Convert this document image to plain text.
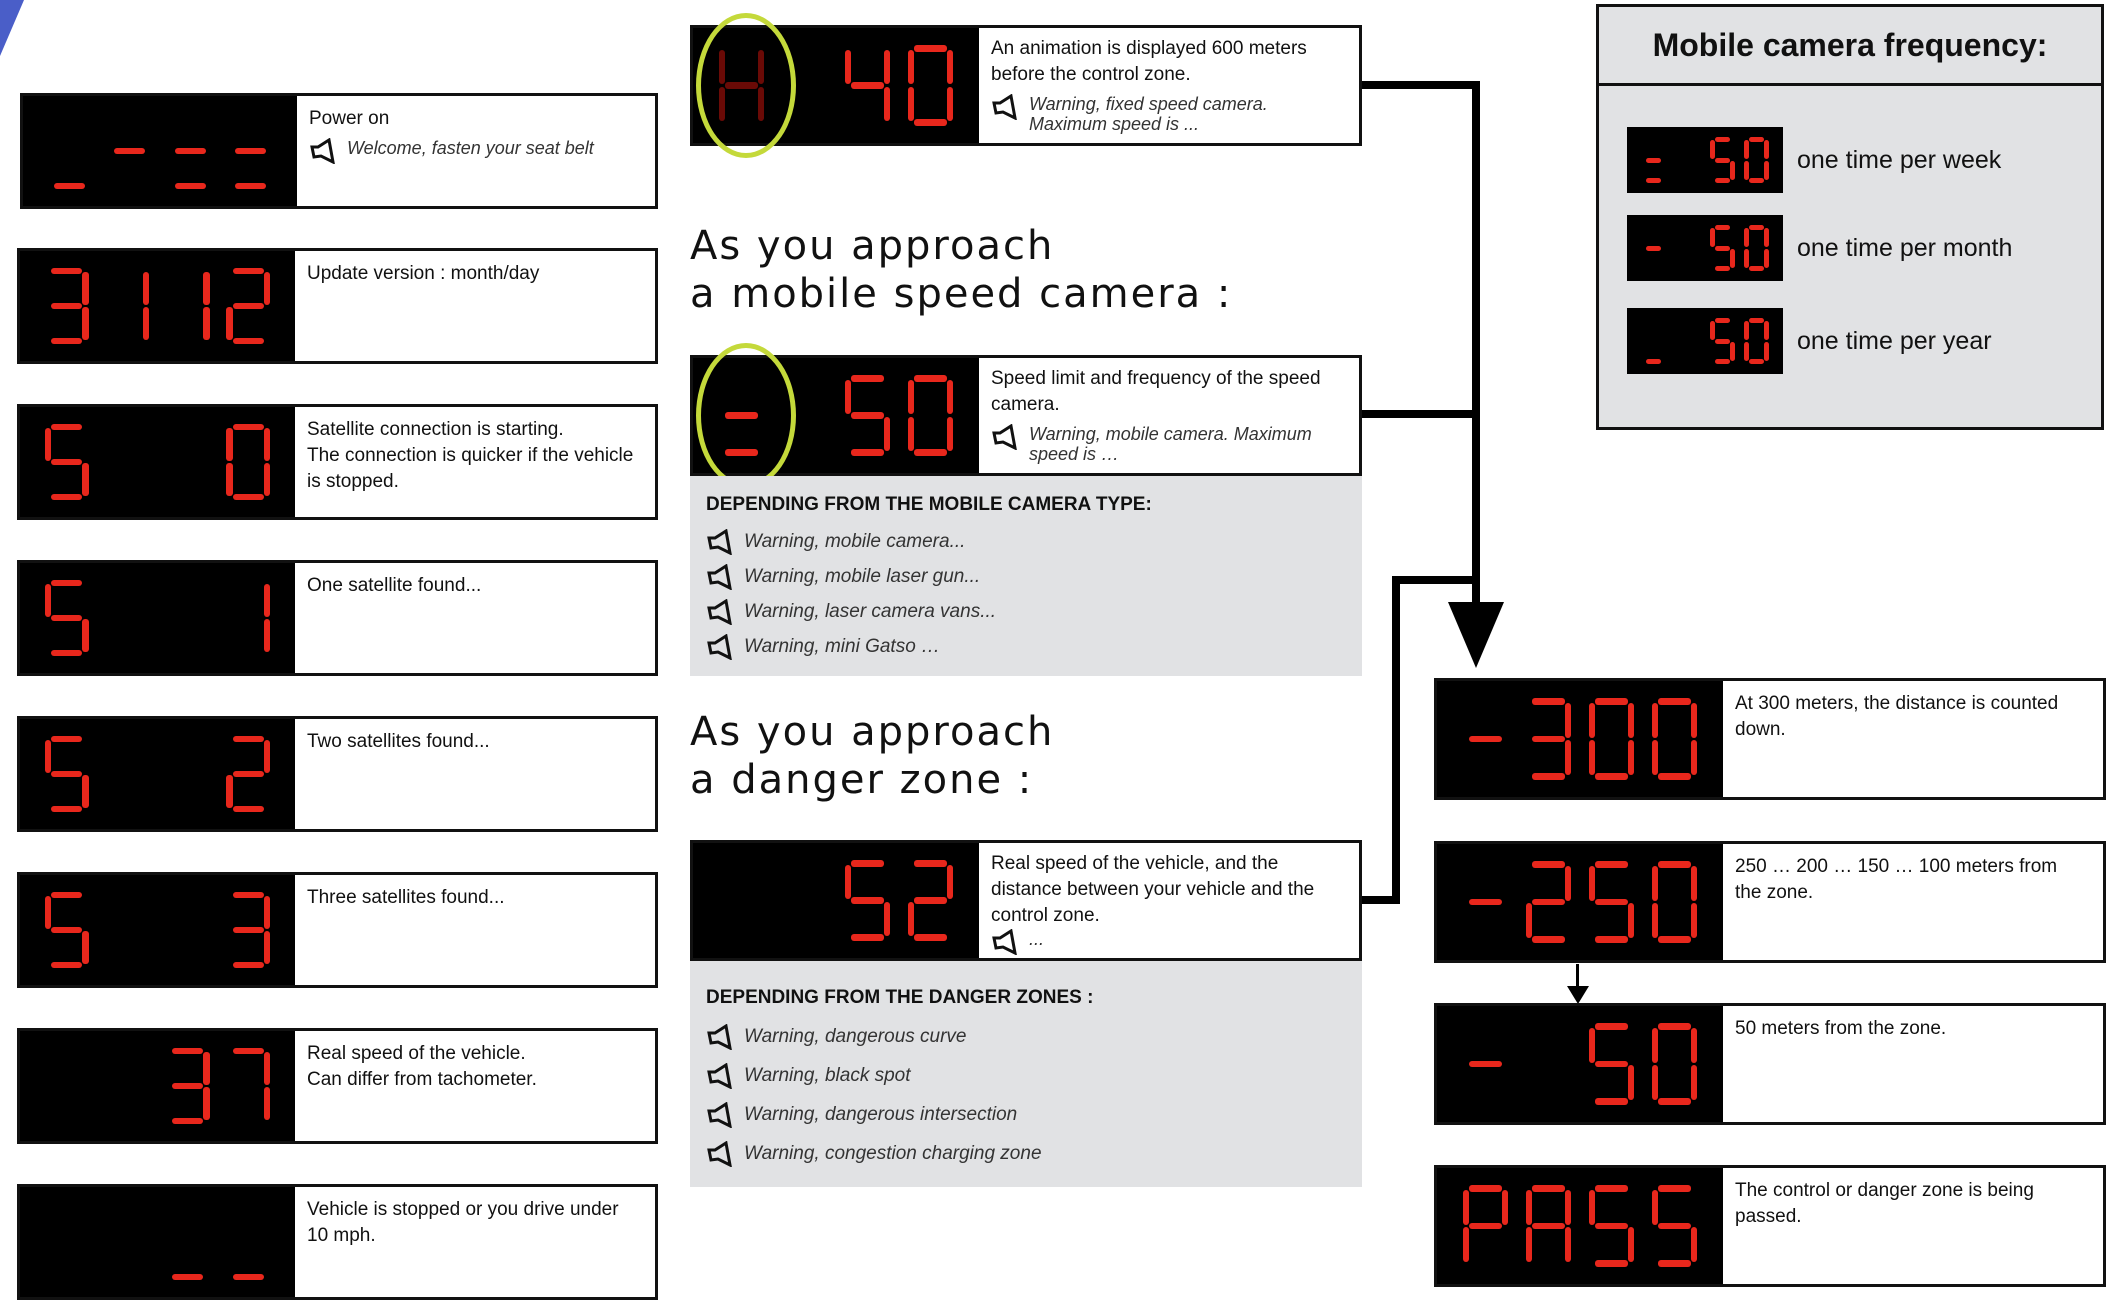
Power on
Welcome, fasten your seat belt
Update version : month/day
Satellite connection is starting.
The connection is quicker if the vehicle
is stopped.
One satellite found...
Two satellites found...
Three satellites found...
Real speed of the vehicle.
Can differ from tachometer.
Vehicle is stopped or you drive under
10 mph.
An animation is displayed 600 meters
before the control zone.
Warning, fixed speed camera. Maximum speed is ...
As you approach
a mobile speed camera :
Speed limit and frequency of the speed
camera.
Warning, mobile camera. Maximum speed is …
DEPENDING FROM THE MOBILE CAMERA TYPE:
Warning, mobile camera...
Warning, mobile laser gun...
Warning, laser camera vans...
Warning, mini Gatso …
As you approach
a danger zone :
Real speed of the vehicle, and the
distance between your vehicle and the
control zone.
...
DEPENDING FROM THE DANGER ZONES :
Warning, dangerous curve
Warning, black spot
Warning, dangerous intersection
Warning, congestion charging zone
Mobile camera frequency:
one time per week
one time per month
one time per year
At 300 meters, the distance is counted
down.
250 … 200 … 150 … 100 meters from
the zone.
50 meters from the zone.
The control or danger zone is being
passed.
